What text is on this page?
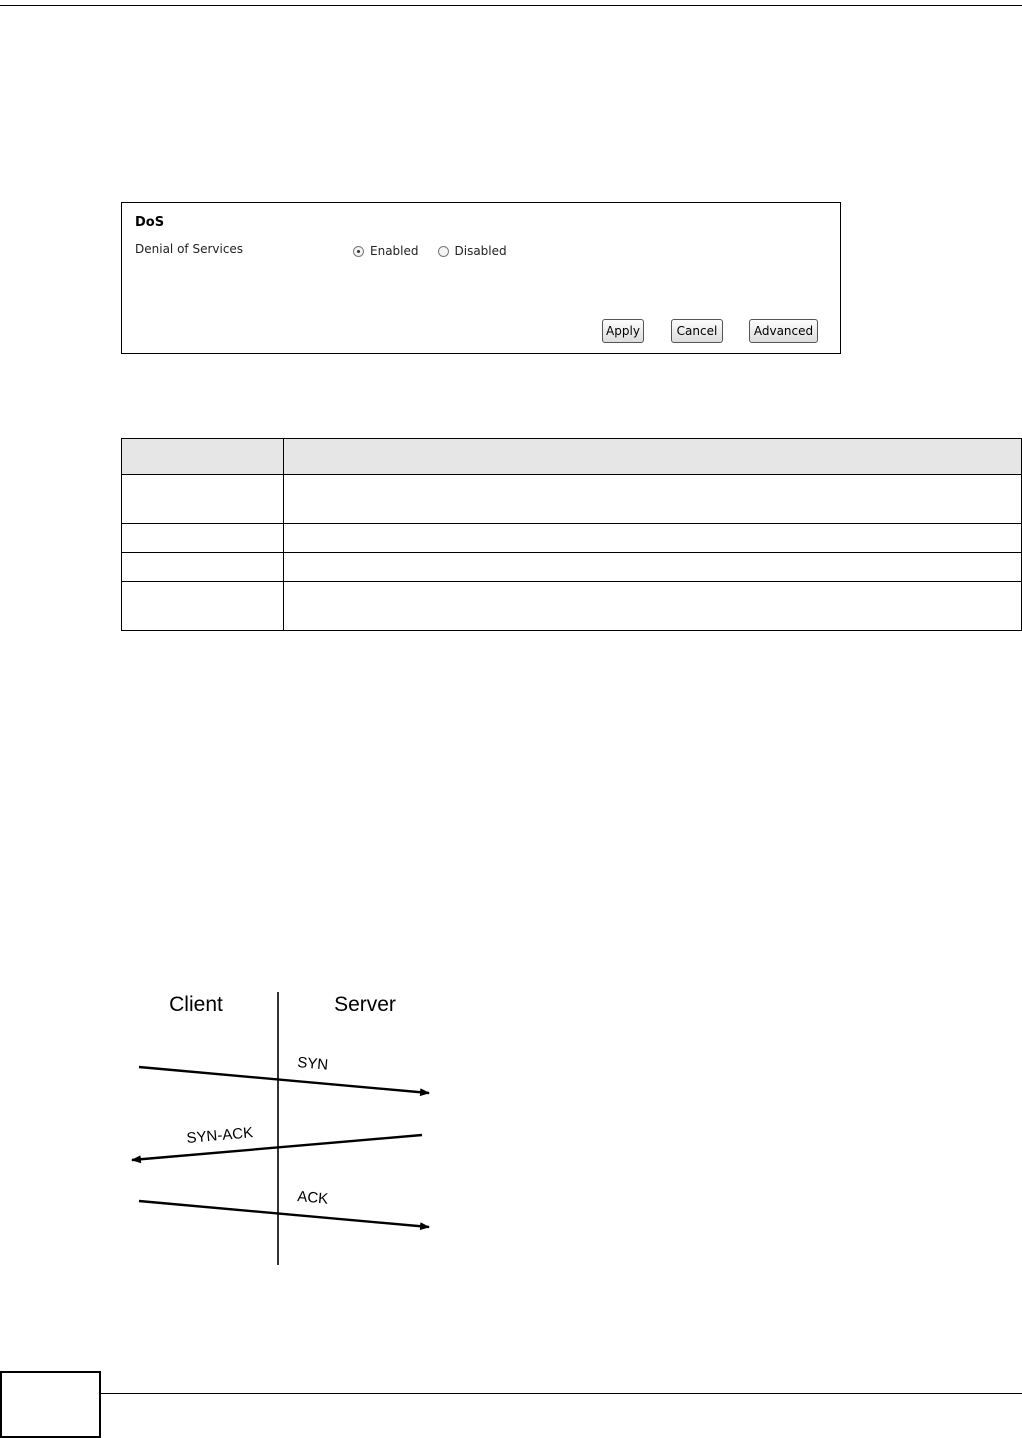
DoS
Denial of Services	Enabled	Disabled
Apply	Cancel	Advanced

Client	Server
SYN
SYN-ACK
ACK
